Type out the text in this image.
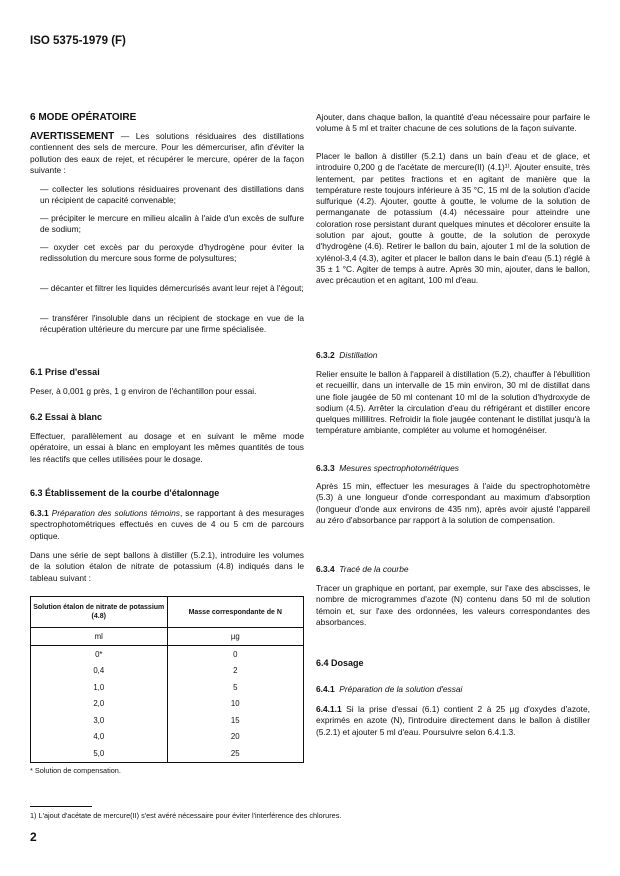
ISO 5375-1979 (F)
6 MODE OPÉRATOIRE
AVERTISSEMENT — Les solutions résiduaires des distillations contiennent des sels de mercure. Pour les démercuriser, afin d'éviter la pollution des eaux de rejet, et récupérer le mercure, opérer de la façon suivante :
— collecter les solutions résiduaires provenant des distillations dans un récipient de capacité convenable;
— précipiter le mercure en milieu alcalin à l'aide d'un excès de sulfure de sodium;
— oxyder cet excès par du peroxyde d'hydrogène pour éviter la redissolution du mercure sous forme de polysultures;
— décanter et filtrer les liquides démercurisés avant leur rejet à l'égout;
— transférer l'insoluble dans un récipient de stockage en vue de la récupération ultérieure du mercure par une firme spécialisée.
6.1 Prise d'essai
Peser, à 0,001 g près, 1 g environ de l'échantillon pour essai.
6.2 Essai à blanc
Effectuer, parallèlement au dosage et en suivant le même mode opératoire, un essai à blanc en employant les mêmes quantités de tous les réactifs que celles utilisées pour le dosage.
6.3 Établissement de la courbe d'étalonnage
6.3.1 Préparation des solutions témoins, se rapportant à des mesurages spectrophotométriques effectués en cuves de 4 ou 5 cm de parcours optique.
Dans une série de sept ballons à distiller (5.2.1), introduire les volumes de la solution étalon de nitrate de potassium (4.8) indiqués dans le tableau suivant :
Solution étalon de nitrate de potassium (4.8)	Masse correspondante de N
ml	µg
0*	0
0,4	2
1,0	5
2,0	10
3,0	15
4,0	20
5,0	25
* Solution de compensation.
Ajouter, dans chaque ballon, la quantité d'eau nécessaire pour parfaire le volume à 5 ml et traiter chacune de ces solutions de la façon suivante.
Placer le ballon à distiller (5.2.1) dans un bain d'eau et de glace, et introduire 0,200 g de l'acétate de mercure(II) (4.1)¹⁾. Ajouter ensuite, très lentement, par petites fractions et en agitant de manière que la température reste toujours inférieure à 35 °C, 15 ml de la solution d'acide sulfurique (4.2). Ajouter, goutte à goutte, le volume de la solution de permanganate de potassium (4.4) nécessaire pour atteindre une coloration rose persistant durant quelques minutes et décolorer ensuite la solution par ajout, goutte à goutte, de la solution de peroxyde d'hydrogène (4.6). Retirer le ballon du bain, ajouter 1 ml de la solution de xylénol-3,4 (4.3), agiter et placer le ballon dans le bain d'eau (5.1) réglé à 35 ± 1 °C. Agiter de temps à autre. Après 30 min, ajouter, dans le ballon, avec précaution et en agitant, 100 ml d'eau.
6.3.2 Distillation
Relier ensuite le ballon à l'appareil à distillation (5.2), chauffer à l'ébullition et recueillir, dans un intervalle de 15 min environ, 30 ml de distillat dans une fiole jaugée de 50 ml contenant 10 ml de la solution d'hydroxyde de sodium (4.5). Arrêter la circulation d'eau du réfrigérant et distiller encore quelques millilitres. Refroidir la fiole jaugée contenant le distillat jusqu'à la température ambiante, compléter au volume et homogénéiser.
6.3.3 Mesures spectrophotométriques
Après 15 min, effectuer les mesurages à l'aide du spectrophotomètre (5.3) à une longueur d'onde correspondant au maximum d'absorption (longueur d'onde aux environs de 435 nm), après avoir ajusté l'appareil au zéro d'absorbance par rapport à la solution de compensation.
6.3.4 Tracé de la courbe
Tracer un graphique en portant, par exemple, sur l'axe des abscisses, le nombre de microgrammes d'azote (N) contenu dans 50 ml de solution témoin et, sur l'axe des ordonnées, les valeurs correspondantes des absorbances.
6.4 Dosage
6.4.1 Préparation de la solution d'essai
6.4.1.1 Si la prise d'essai (6.1) contient 2 à 25 µg d'oxydes d'azote, exprimés en azote (N), l'introduire directement dans le ballon à distiller (5.2.1) et ajouter 5 ml d'eau. Poursuivre selon 6.4.1.3.
1) L'ajout d'acétate de mercure(II) s'est avéré nécessaire pour éviter l'interférence des chlorures.
2
